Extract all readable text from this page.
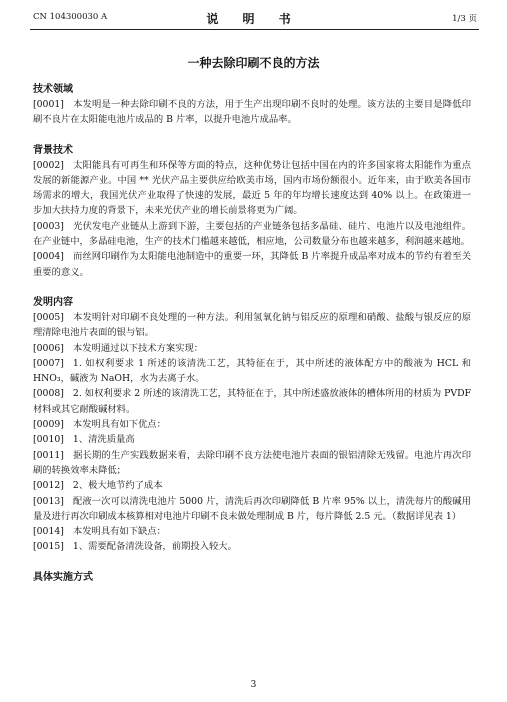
CN 104300030 A	说 明 书	1/3 页
一种去除印刷不良的方法
技术领域

[0001] 本发明是一种去除印刷不良的方法，用于生产出现印刷不良时的处理。该方法的主要目是降低印刷不良片在太阳能电池片成品的 B 片率，以提升电池片成品率。

背景技术

[0002] 太阳能具有可再生和环保等方面的特点，这种优势让包括中国在内的许多国家将太阳能作为重点发展的新能源产业。中国 ** 光伏产品主要供应给欧美市场，国内市场份额很小。近年来，由于欧美各国市场需求的增大，我国光伏产业取得了快速的发展，最近 5 年的年均增长速度达到 40% 以上。在政策进一步加大扶持力度的背景下，未来光伏产业的增长前景将更为广阔。

[0003] 光伏发电产业链从上游到下游，主要包括的产业链条包括多晶硅、硅片、电池片以及电池组件。在产业链中，多晶硅电池，生产的技术门槛越来越低，相应地，公司数量分布也越来越多，利润越来越地。

[0004] 而丝网印刷作为太阳能电池制造中的重要一环，其降低 B 片率提升成品率对成本的节约有着至关重要的意义。

发明内容

[0005] 本发明针对印刷不良处理的一种方法。利用氢氧化钠与铝反应的原理和硝酸、盐酸与银反应的原理清除电池片表面的银与铝。

[0006] 本发明通过以下技术方案实现：

[0007] 1. 如权利要求 1 所述的该清洗工艺，其特征在于，其中所述的液体配方中的酸液为 HCL 和 HNO₃，碱液为 NaOH，水为去离子水。

[0008] 2. 如权利要求 2 所述的该清洗工艺，其特征在于，其中所述盛放液体的槽体所用的材质为 PVDF 材料或其它耐酸碱材料。

[0009] 本发明具有如下优点：

[0010] 1、清洗质量高

[0011] 据长期的生产实践数据来看，去除印刷不良方法使电池片表面的银铝清除无残留。电池片再次印刷的转换效率未降低；

[0012] 2、极大地节约了成本

[0013] 配液一次可以清洗电池片 5000 片，清洗后再次印刷降低 B 片率 95% 以上，清洗每片的酸碱用量及进行再次印刷成本核算相对电池片印刷不良未做处理制成 B 片，每片降低 2.5 元。（数据详见表 1）

[0014] 本发明具有如下缺点：

[0015] 1、需要配备清洗设备，前期投入较大。

具体实施方式
3
